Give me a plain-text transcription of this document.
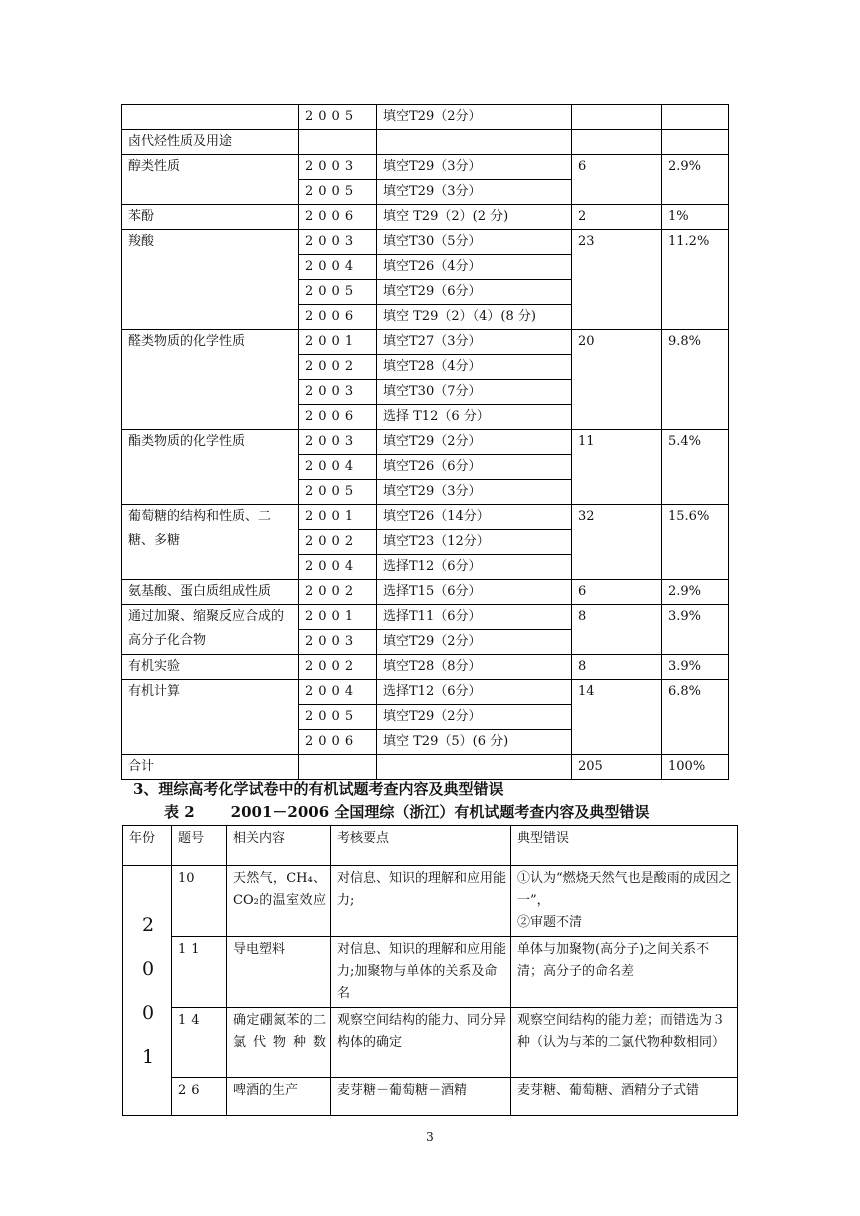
	2005	填空T29（2分）		
卤代烃性质及用途				
醇类性质	2003	填空T29（3分）	6	2.9%
	2005	填空T29（3分）		
苯酚	2006	填空 T29（2）(2 分)	2	1%
羧酸	2003	填空T30（5分）	23	11.2%
	2004	填空T26（4分）		
	2005	填空T29（6分）		
	2006	填空 T29（2）（4）(8 分)		
醛类物质的化学性质	2001	填空T27（3分）	20	9.8%
	2002	填空T28（4分）		
	2003	填空T30（7分）		
	2006	选择 T12（6 分）		
酯类物质的化学性质	2003	填空T29（2分）	11	5.4%
	2004	填空T26（6分）		
	2005	填空T29（3分）		
葡萄糖的结构和性质、二糖、多糖	2001	填空T26（14分）	32	15.6%
	2002	填空T23（12分）		
	2004	选择T12（6分）		
氨基酸、蛋白质组成性质	2002	选择T15（6分）	6	2.9%
通过加聚、缩聚反应合成的高分子化合物	2001	选择T11（6分）	8	3.9%
	2003	填空T29（2分）		
有机实验	2002	填空T28（8分）	8	3.9%
有机计算	2004	选择T12（6分）	14	6.8%
	2005	填空T29（2分）		
	2006	填空 T29（5）(6 分)		
合计			205	100%
3、理综高考化学试卷中的有机试题考查内容及典型错误
表 2 2001－2006 全国理综（浙江）有机试题考查内容及典型错误
年份	题号	相关内容	考核要点	典型错误
2
0
0
1	10	天然气，CH₄、CO₂的温室效应	对信息、知识的理解和应用能力;	①认为“燃烧天然气也是酸雨的成因之一”，
②审题不清
	11	导电塑料	对信息、知识的理解和应用能力;加聚物与单体的关系及命名	单体与加聚物(高分子)之间关系不清；高分子的命名差
	14	确定硼氮苯的二氯代物种数	观察空间结构的能力、同分异构体的确定	观察空间结构的能力差；而错选为３种（认为与苯的二氯代物种数相同）
	26	啤酒的生产	麦芽糖－葡萄糖－酒精	麦芽糖、葡萄糖、酒精分子式错
3
